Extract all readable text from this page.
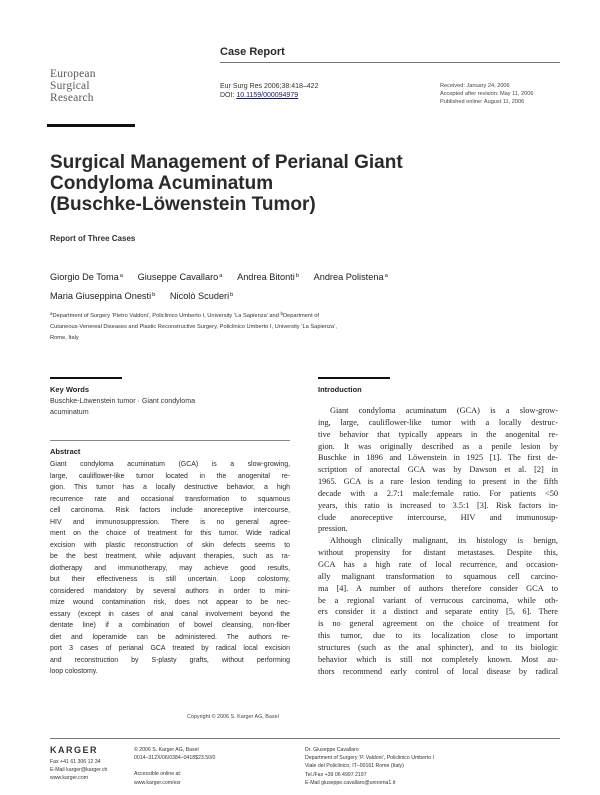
Case Report
European
Surgical
Research
Eur Surg Res 2006;38:418–422
DOI: 10.1159/000094979
Received: January 24, 2006
Accepted after revision: May 11, 2006
Published online: August 11, 2006
Surgical Management of Perianal Giant
Condyloma Acuminatum
(Buschke-Löwenstein Tumor)
Report of Three Cases
Giorgio De Toma$^a$ Giuseppe Cavallaro$^a$ Andrea Bitonti$^b$ Andrea Polistena$^a$
Maria Giuseppina Onesti$^b$ Nicolò Scuderi$^b$
$^a$Department of Surgery ‘Pietro Valdoni’, Policlinico Umberto I, University ‘La Sapienza’ and $^b$Department of
Cutaneous-Venereal Diseases and Plastic Reconstructive Surgery, Policlinico Umberto I, University ‘La Sapienza’,
Rome, Italy
Key Words
Buschke-Löwenstein tumor · Giant condyloma
acuminatum
Abstract
Giant condyloma acuminatum (GCA) is a slow-growing,
large, cauliflower-like tumor located in the anogenital re-
gion. This tumor has a locally destructive behavior, a high
recurrence rate and occasional transformation to squamous
cell carcinoma. Risk factors include anoreceptive intercourse,
HIV and immunosuppression. There is no general agree-
ment on the choice of treatment for this tumor. Wide radical
excision with plastic reconstruction of skin defects seems to
be the best treatment, while adjuvant therapies, such as ra-
diotherapy and immunotherapy, may achieve good results,
but their effectiveness is still uncertain. Loop colostomy,
considered mandatory by several authors in order to mini-
mize wound contamination risk, does not appear to be nec-
essary (except in cases of anal canal involvement beyond the
dentate line) if a combination of bowel cleansing, non-fiber
diet and loperamide can be administered. The authors re-
port 3 cases of perianal GCA treated by radical local excision
and reconstruction by S-plasty grafts, without performing
loop colostomy.
Copyright © 2006 S. Karger AG, Basel
Introduction
Giant condyloma acuminatum (GCA) is a slow-grow-
ing, large, cauliflower-like tumor with a locally destruc-
tive behavior that typically appears in the anogenital re-
gion. It was originally described as a penile lesion by
Buschke in 1896 and Löwenstein in 1925 [1]. The first de-
scription of anorectal GCA was by Dawson et al. [2] in
1965. GCA is a rare lesion tending to present in the fifth
decade with a 2.7:1 male:female ratio. For patients <50
years, this ratio is increased to 3.5:1 [3]. Risk factors in-
clude anoreceptive intercourse, HIV and immunosup-
pression.
Although clinically malignant, its histology is benign,
without propensity for distant metastases. Despite this,
GCA has a high rate of local recurrence, and occasion-
ally malignant transformation to squamous cell carcino-
ma [4]. A number of authors therefore consider GCA to
be a regional variant of verrucous carcinoma, while oth-
ers consider it a distinct and separate entity [5, 6]. There
is no general agreement on the choice of treatment for
this tumor, due to its localization close to important
structures (such as the anal sphincter), and to its biologic
behavior which is still not completely known. Most au-
thors recommend early control of local disease by radical
KARGER
Fax +41 61 306 12 34
E-Mail karger@karger.ch
www.karger.com
© 2006 S. Karger AG, Basel
0014–312X/06/0384–0418$23.50/0
Accessible online at:
www.karger.com/esr
Dr. Giuseppe Cavallaro
Department of Surgery ‘P. Valdoni’, Policlinico Umberto I
Viale del Policlinico, IT–00161 Rome (Italy)
Tel./Fax +39 06 4997 2197
E-Mail giuseppe.cavallaro@uniroma1.it
